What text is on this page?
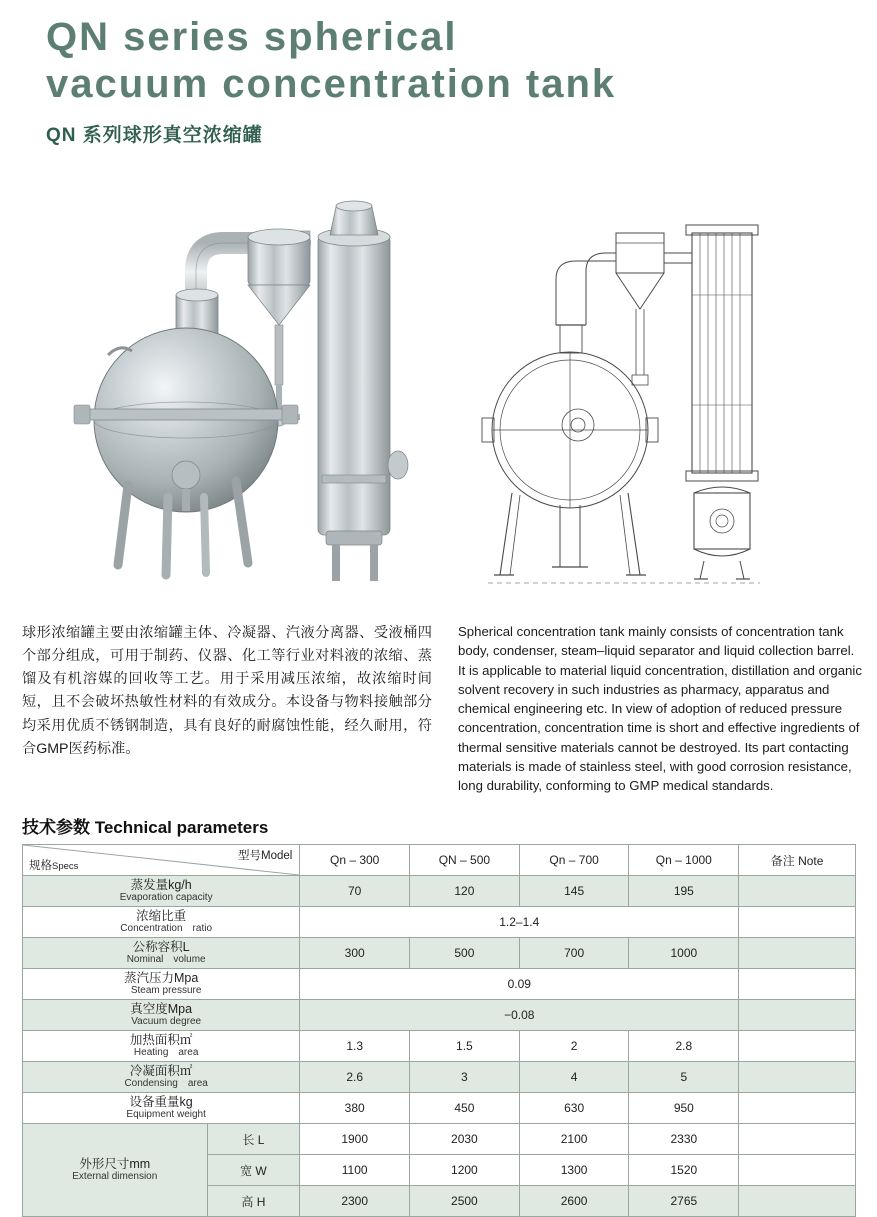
QN series spherical
vacuum concentration tank
QN 系列球形真空浓缩罐
球形浓缩罐主要由浓缩罐主体、冷凝器、汽液分离器、受液桶四个部分组成，可用于制药、仪器、化工等行业对料液的浓缩、蒸馏及有机溶媒的回收等工艺。用于采用减压浓缩，故浓缩时间短，且不会破坏热敏性材料的有效成分。本设备与物料接触部分均采用优质不锈钢制造，具有良好的耐腐蚀性能，经久耐用，符合GMP医药标准。
Spherical concentration tank mainly consists of concentration tank body, condenser, steam–liquid separator and liquid collection barrel. It is applicable to material liquid concentration, distillation and organic solvent recovery in such industries as pharmacy, apparatus and chemical engineering etc. In view of adoption of reduced pressure concentration, concentration time is short and effective ingredients of thermal sensitive materials cannot be destroyed. Its part contacting materials is made of stainless steel, with good corrosion resistance, long durability, conforming to GMP medical standards.
技术参数 Technical parameters
型号Model
规格Specs		Qn – 300	QN – 500	Qn – 700	Qn – 1000	备注 Note

蒸发量kg/h
Evaporation capacity		70	120	145	195	

浓缩比重
Concentration　ratio		1.2–1.4				

公称容积L
Nominal　volume		300	500	700	1000	

蒸汽压力Mpa
Steam pressure		0.09				

真空度Mpa
Vacuum degree		−0.08				

加热面积㎡
Heating　area		1.3	1.5	2	2.8	

冷凝面积㎡
Condensing　area		2.6	3	4	5	

设备重量kg
Equipment weight		380	450	630	950	

外形尺寸mm
External dimension	长 L	1900	2030	2100	2330	
	宽 W	1100	1200	1300	1520	
	高 H	2300	2500	2600	2765	
